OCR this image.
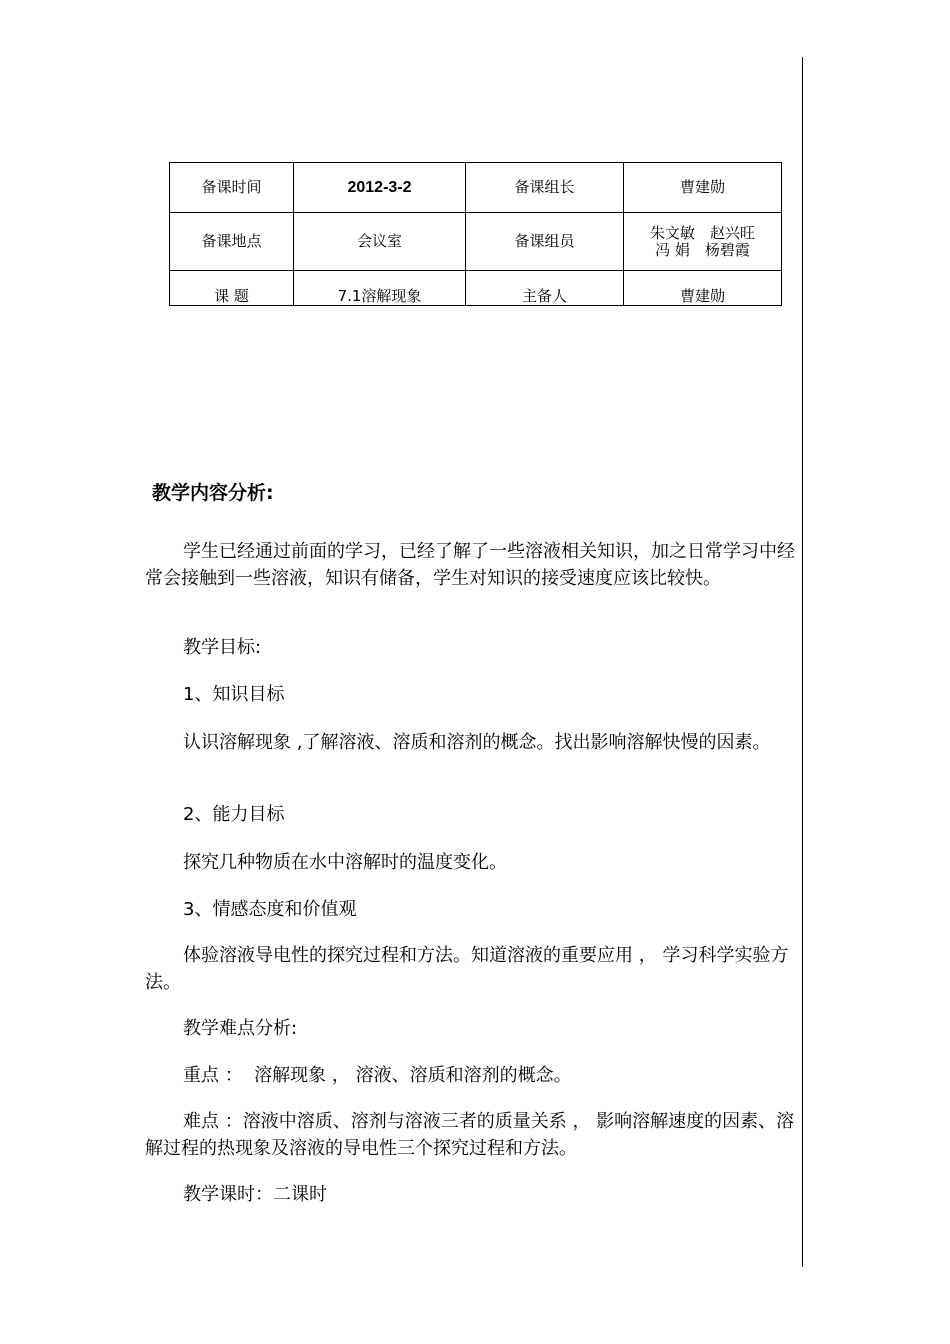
备课时间	2012-3-2	备课组长	曹建勋
备课地点	会议室	备课组员	朱文敏　赵兴旺
冯 娟　杨碧霞

课 题	7.1溶解现象	主备人	曹建勋
教学内容分析:
学生已经通过前面的学习，已经了解了一些溶液相关知识，加之日常学习中经常会接触到一些溶液，知识有储备，学生对知识的接受速度应该比较快。
教学目标:
1、知识目标
认识溶解现象 ,了解溶液、溶质和溶剂的概念。找出影响溶解快慢的因素。
2、能力目标
探究几种物质在水中溶解时的温度变化。
3、情感态度和价值观
体验溶液导电性的探究过程和方法。知道溶液的重要应用 ， 学习科学实验方法。
教学难点分析:
重点 ：  溶解现象 ， 溶液、溶质和溶剂的概念。
难点 ：溶液中溶质、溶剂与溶液三者的质量关系 ， 影响溶解速度的因素、溶解过程的热现象及溶液的导电性三个探究过程和方法。
教学课时：二课时
